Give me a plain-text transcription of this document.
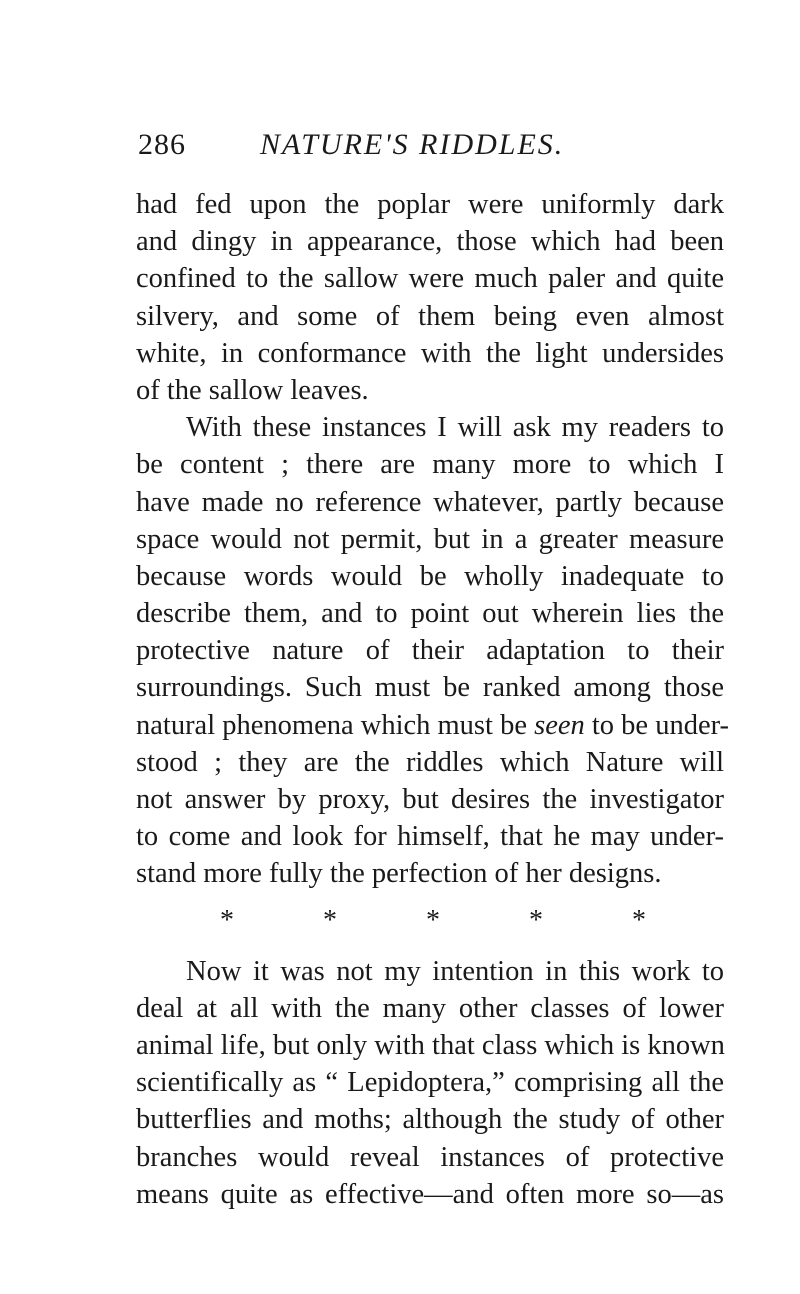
286 NATURE'S RIDDLES.
had fed upon the poplar were uniformly dark
and dingy in appearance, those which had been
confined to the sallow were much paler and quite
silvery, and some of them being even almost
white, in conformance with the light undersides
of the sallow leaves.
With these instances I will ask my readers to
be content ; there are many more to which I
have made no reference whatever, partly because
space would not permit, but in a greater measure
because words would be wholly inadequate to
describe them, and to point out wherein lies the
protective nature of their adaptation to their
surroundings. Such must be ranked among those
natural phenomena which must be seen to be under-
stood ; they are the riddles which Nature will
not answer by proxy, but desires the investigator
to come and look for himself, that he may under-
stand more fully the perfection of her designs.
*	*	*	*	*
Now it was not my intention in this work to
deal at all with the many other classes of lower
animal life, but only with that class which is known
scientifically as “ Lepidoptera,” comprising all the
butterflies and moths; although the study of other
branches would reveal instances of protective
means quite as effective—and often more so—as
